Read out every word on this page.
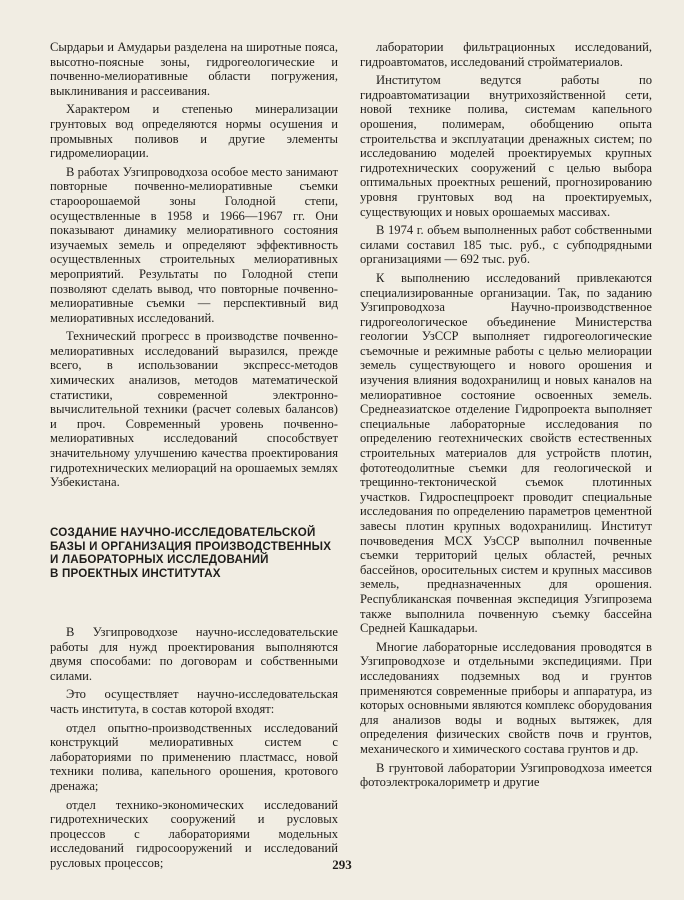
Сырдарьи и Амударьи разделена на широтные пояса, высотно-поясные зоны, гидрогеологические и почвенно-мелиоративные области погружения, выклинивания и рассеивания.

Характером и степенью минерализации грунтовых вод определяются нормы осушения и промывных поливов и другие элементы гидромелиорации.

В работах Узгипроводхоза особое место занимают повторные почвенно-мелиоративные съемки староорошаемой зоны Голодной степи, осуществленные в 1958 и 1966—1967 гг. Они показывают динамику мелиоративного состояния изучаемых земель и определяют эффективность осуществленных строительных мелиоративных мероприятий. Результаты по Голодной степи позволяют сделать вывод, что повторные почвенно-мелиоративные съемки — перспективный вид мелиоративных исследований.

Технический прогресс в производстве почвенно-мелиоративных исследований выразился, прежде всего, в использовании экспресс-методов химических анализов, методов математической статистики, современной электронно-вычислительной техники (расчет солевых балансов) и проч. Современный уровень почвенно-мелиоративных исследований способствует значительному улучшению качества проектирования гидротехнических мелиораций на орошаемых землях Узбекистана.

СОЗДАНИЕ НАУЧНО-ИССЛЕДОВАТЕЛЬСКОЙ
БАЗЫ И ОРГАНИЗАЦИЯ ПРОИЗВОДСТВЕННЫХ
И ЛАБОРАТОРНЫХ ИССЛЕДОВАНИЙ
В ПРОЕКТНЫХ ИНСТИТУТАХ

В Узгипроводхозе научно-исследовательские работы для нужд проектирования выполняются двумя способами: по договорам и собственными силами.

Это осуществляет научно-исследовательская часть института, в состав которой входят:

отдел опытно-производственных исследований конструкций мелиоративных систем с лабораториями по применению пластмасс, новой техники полива, капельного орошения, кротового дренажа;

отдел технико-экономических исследований гидротехнических сооружений и русловых процессов с лабораториями модельных исследований гидросооружений и исследований русловых процессов;

лаборатории фильтрационных исследований, гидроавтоматов, исследований стройматериалов.

Институтом ведутся работы по гидроавтоматизации внутрихозяйственной сети, новой технике полива, системам капельного орошения, полимерам, обобщению опыта строительства и эксплуатации дренажных систем; по исследованию моделей проектируемых крупных гидротехнических сооружений с целью выбора оптимальных проектных решений, прогнозированию уровня грунтовых вод на проектируемых, существующих и новых орошаемых массивах.

В 1974 г. объем выполненных работ собственными силами составил 185 тыс. руб., с субподрядными организациями — 692 тыс. руб.

К выполнению исследований привлекаются специализированные организации. Так, по заданию Узгипроводхоза Научно-производственное гидрогеологическое объединение Министерства геологии УзССР выполняет гидрогеологические съемочные и режимные работы с целью мелиорации земель существующего и нового орошения и изучения влияния водохранилищ и новых каналов на мелиоративное состояние освоенных земель. Среднеазиатское отделение Гидропроекта выполняет специальные лабораторные исследования по определению геотехнических свойств естественных строительных материалов для устройств плотин, фототеодолитные съемки для геологической и трещинно-тектонической съемок плотинных участков. Гидроспецпроект проводит специальные исследования по определению параметров цементной завесы плотин крупных водохранилищ. Институт почвоведения МСХ УзССР выполнил почвенные съемки территорий целых областей, речных бассейнов, оросительных систем и крупных массивов земель, предназначенных для орошения. Республиканская почвенная экспедиция Узгипрозема также выполнила почвенную съемку бассейна Средней Кашкадарьи.

Многие лабораторные исследования проводятся в Узгипроводхозе и отдельными экспедициями. При исследованиях подземных вод и грунтов применяются современные приборы и аппаратура, из которых основными являются комплекс оборудования для анализов воды и водных вытяжек, для определения физических свойств почв и грунтов, механического и химического состава грунтов и др.

В грунтовой лаборатории Узгипроводхоза имеется фотоэлектрокалориметр и другие

293
